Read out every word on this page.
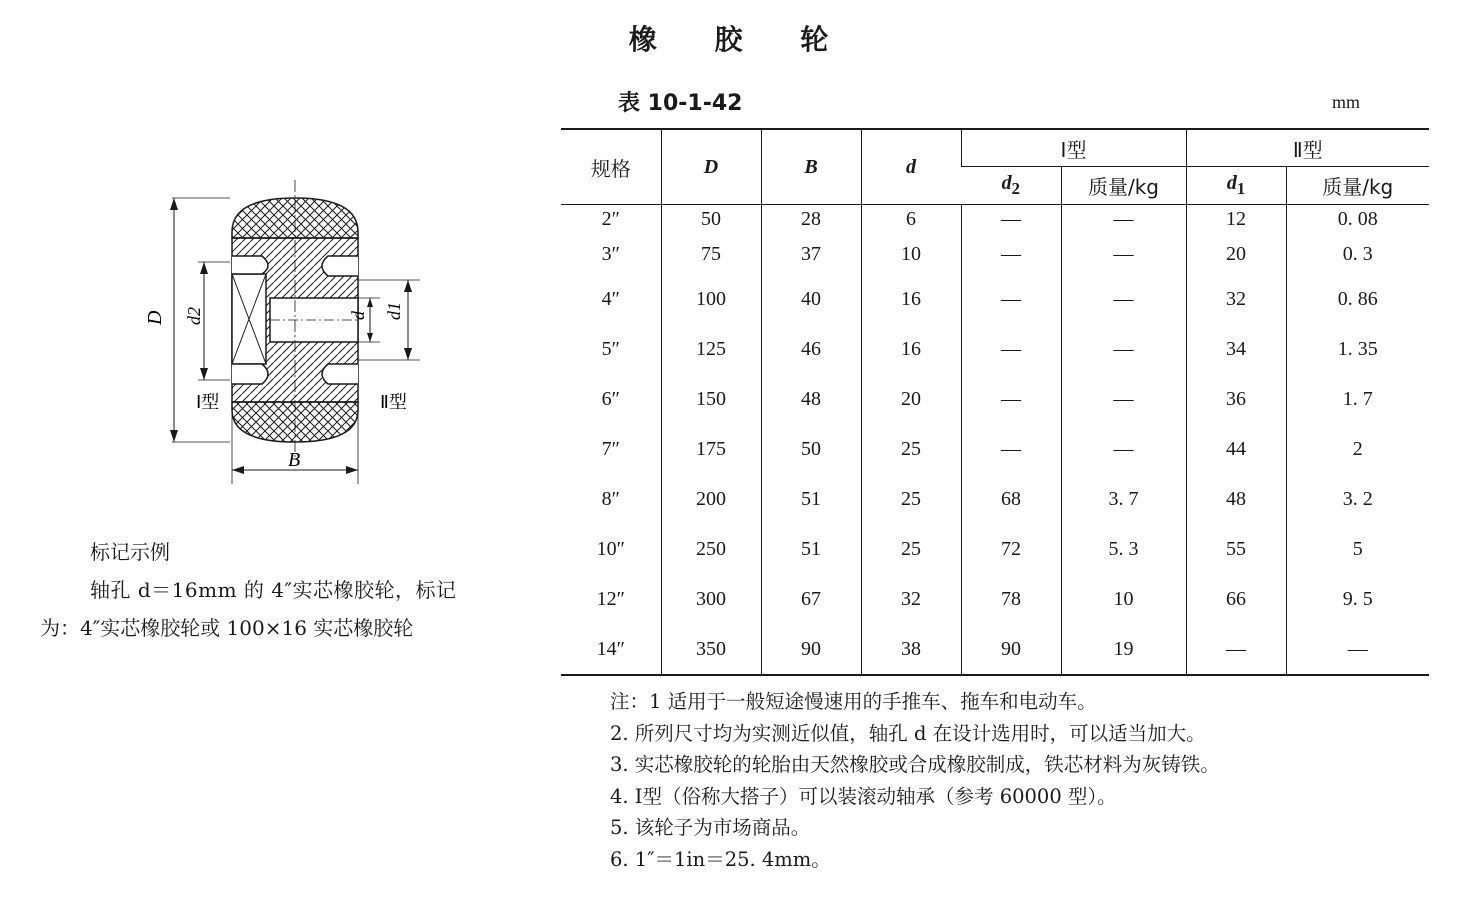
橡 胶 轮
表 10-1-42	mm
D d2	d d1
B
Ⅰ型	Ⅱ型
标记示例
轴孔 d＝16mm 的 4″实芯橡胶轮，标记
为：4″实芯橡胶轮或 100×16 实芯橡胶轮
规格	D	B	d	Ⅰ型		Ⅱ型	
				$d_2$	质量/kg	$d_1$	质量/kg
2″	50	28	6	—	—	12	0. 08
3″	75	37	10	—	—	20	0. 3
4″	100	40	16	—	—	32	0. 86
5″	125	46	16	—	—	34	1. 35
6″	150	48	20	—	—	36	1. 7
7″	175	50	25	—	—	44	2
8″	200	51	25	68	3. 7	48	3. 2
10″	250	51	25	72	5. 3	55	5
12″	300	67	32	78	10	66	9. 5
14″	350	90	38	90	19	—	—
注：1 适用于一般短途慢速用的手推车、拖车和电动车。
2. 所列尺寸均为实测近似值，轴孔 d 在设计选用时，可以适当加大。
3. 实芯橡胶轮的轮胎由天然橡胶或合成橡胶制成，铁芯材料为灰铸铁。
4. Ⅰ型（俗称大搭子）可以装滚动轴承（参考 60000 型）。
5. 该轮子为市场商品。
6. 1″＝1in＝25. 4mm。
